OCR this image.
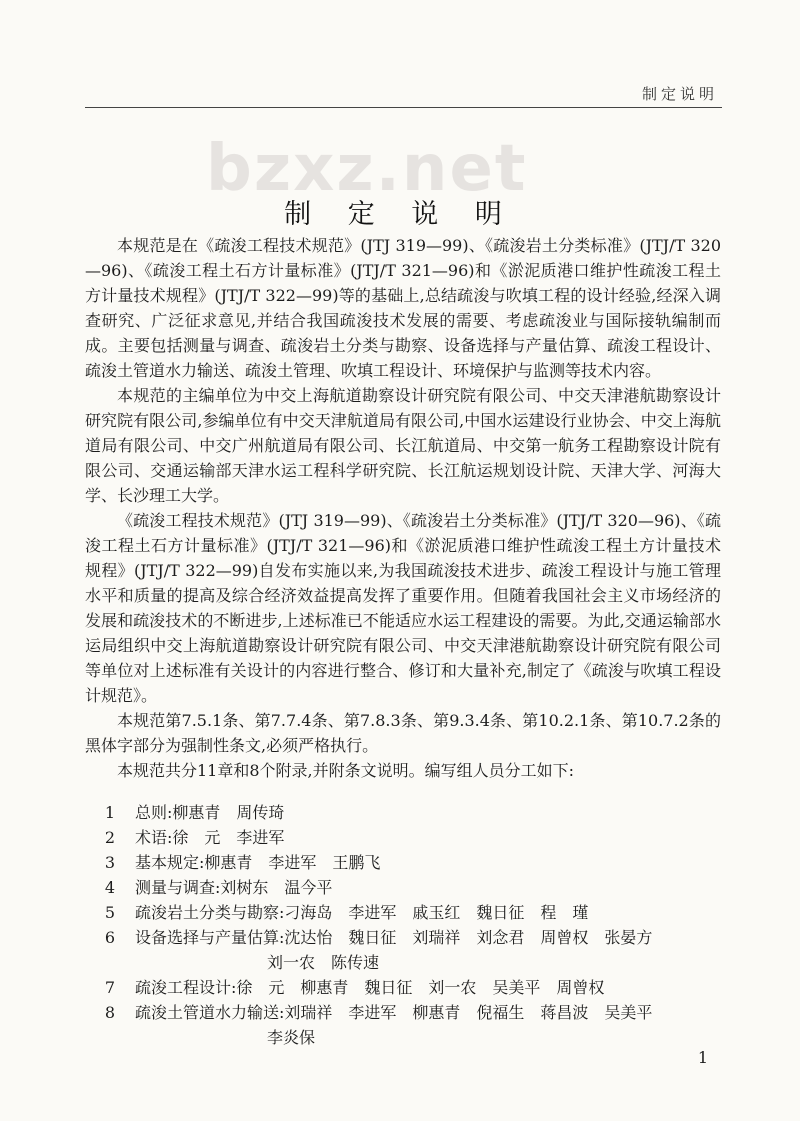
制定说明
bzxz.net
制 定 说 明

本规范是在《疏浚工程技术规范》(JTJ 319—99)、《疏浚岩土分类标准》(JTJ/T 320—96)、《疏浚工程土石方计量标准》(JTJ/T 321—96)和《淤泥质港口维护性疏浚工程土方计量技术规程》(JTJ/T 322—99)等的基础上,总结疏浚与吹填工程的设计经验,经深入调查研究、广泛征求意见,并结合我国疏浚技术发展的需要、考虑疏浚业与国际接轨编制而成。主要包括测量与调查、疏浚岩土分类与勘察、设备选择与产量估算、疏浚工程设计、疏浚土管道水力输送、疏浚土管理、吹填工程设计、环境保护与监测等技术内容。

本规范的主编单位为中交上海航道勘察设计研究院有限公司、中交天津港航勘察设计研究院有限公司,参编单位有中交天津航道局有限公司,中国水运建设行业协会、中交上海航道局有限公司、中交广州航道局有限公司、长江航道局、中交第一航务工程勘察设计院有限公司、交通运输部天津水运工程科学研究院、长江航运规划设计院、天津大学、河海大学、长沙理工大学。

《疏浚工程技术规范》(JTJ 319—99)、《疏浚岩土分类标准》(JTJ/T 320—96)、《疏浚工程土石方计量标准》(JTJ/T 321—96)和《淤泥质港口维护性疏浚工程土方计量技术规程》(JTJ/T 322—99)自发布实施以来,为我国疏浚技术进步、疏浚工程设计与施工管理水平和质量的提高及综合经济效益提高发挥了重要作用。但随着我国社会主义市场经济的发展和疏浚技术的不断进步,上述标准已不能适应水运工程建设的需要。为此,交通运输部水运局组织中交上海航道勘察设计研究院有限公司、中交天津港航勘察设计研究院有限公司等单位对上述标准有关设计的内容进行整合、修订和大量补充,制定了《疏浚与吹填工程设计规范》。

本规范第7.5.1条、第7.7.4条、第7.8.3条、第9.3.4条、第10.2.1条、第10.7.2条的黑体字部分为强制性条文,必须严格执行。

本规范共分11章和8个附录,并附条文说明。编写组人员分工如下:

1	总则:柳惠青　周传琦
2	术语:徐　元　李进军
3	基本规定:柳惠青　李进军　王鹏飞
4	测量与调查:刘树东　温今平
5	疏浚岩土分类与勘察:刁海岛　李进军　戚玉红　魏日征　程　瑾
6	设备选择与产量估算:沈达怡　魏日征　刘瑞祥　刘念君　周曾权　张晏方
刘一农　陈传速
7	疏浚工程设计:徐　元　柳惠青　魏日征　刘一农　吴美平　周曾权
8	疏浚土管道水力输送:刘瑞祥　李进军　柳惠青　倪福生　蒋昌波　吴美平
李炎保
1
